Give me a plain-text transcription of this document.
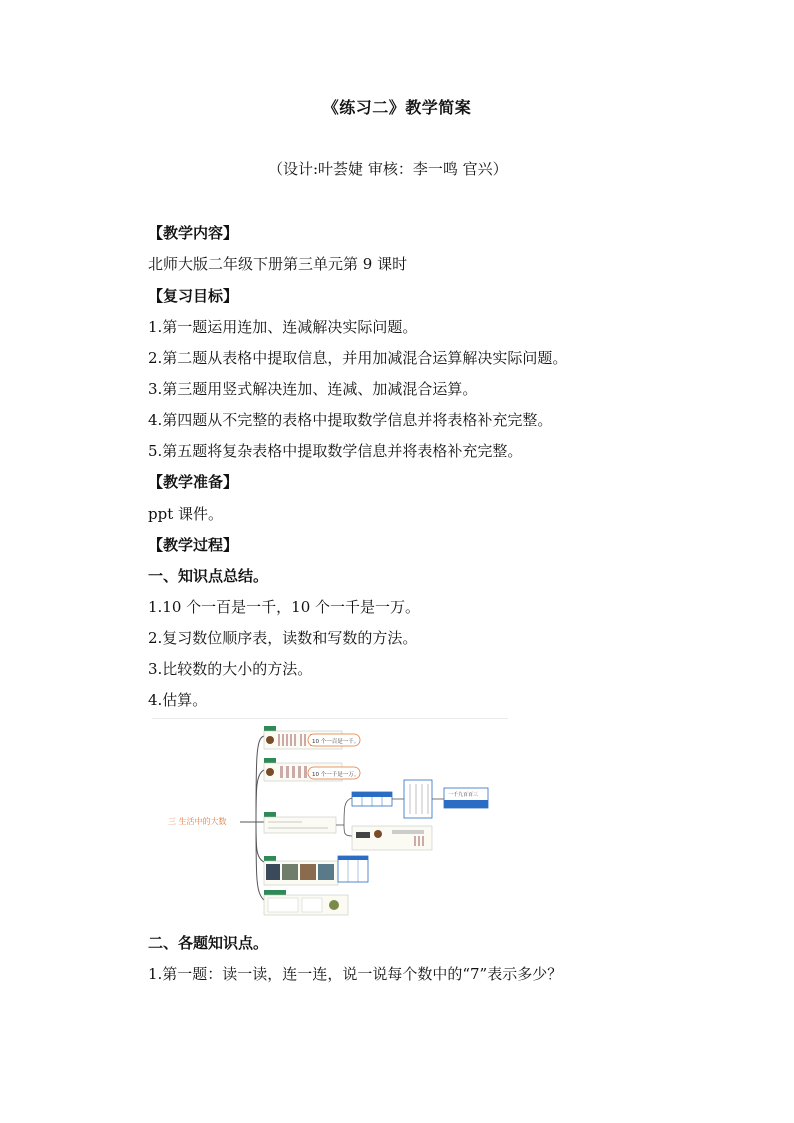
《练习二》教学简案
（设计:叶荟婕 审核：李一鸣 官兴）
【教学内容】
北师大版二年级下册第三单元第 9 课时
【复习目标】
1.第一题运用连加、连减解决实际问题。
2.第二题从表格中提取信息，并用加减混合运算解决实际问题。
3.第三题用竖式解决连加、连减、加减混合运算。
4.第四题从不完整的表格中提取数学信息并将表格补充完整。
5.第五题将复杂表格中提取数学信息并将表格补充完整。
【教学准备】
ppt 课件。
【教学过程】
一、知识点总结。
1.10 个一百是一千，10 个一千是一万。
2.复习数位顺序表，读数和写数的方法。
3.比较数的大小的方法。
4.估算。
三 生活中的大数
10 个一百是一千。
10 个一千是一万。
一千九百百三
二、各题知识点。
1.第一题：读一读，连一连，说一说每个数中的“7”表示多少？
